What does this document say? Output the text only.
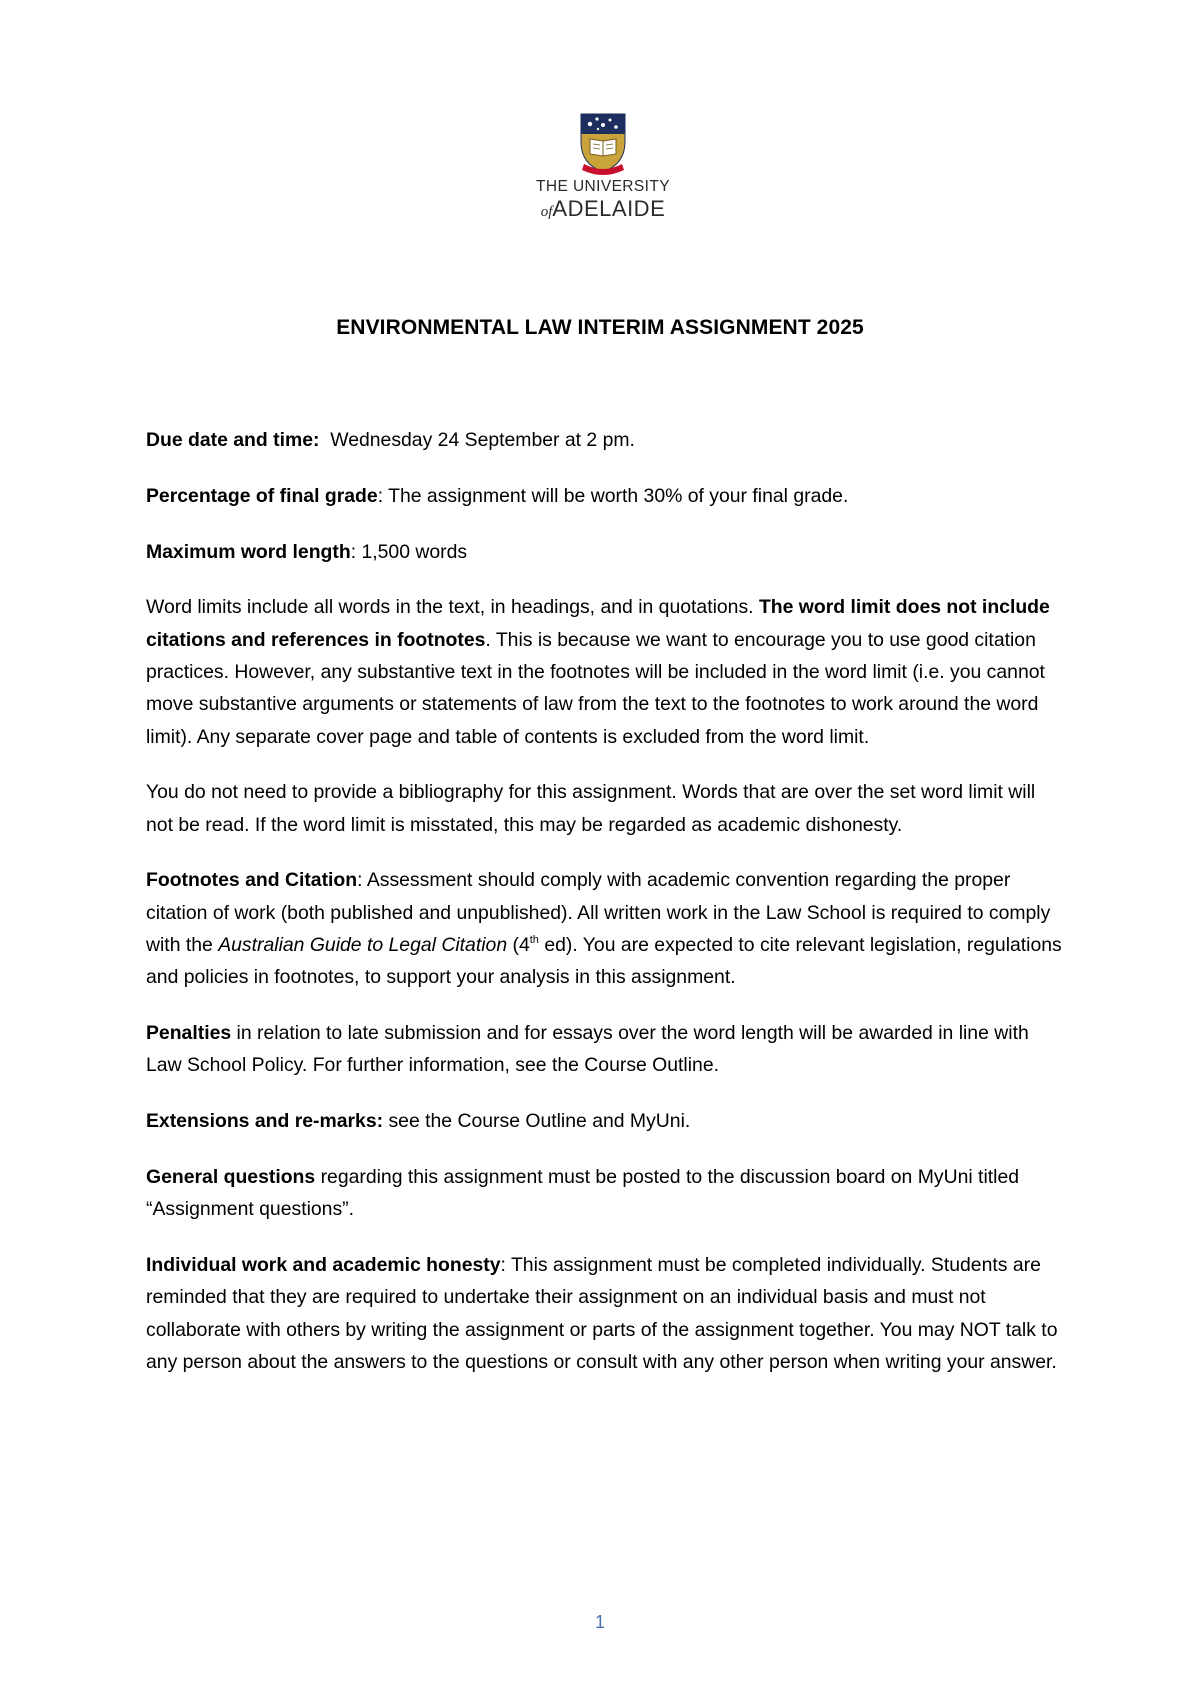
THE UNIVERSITY
ofADELAIDE
ENVIRONMENTAL LAW INTERIM ASSIGNMENT 2025

Due date and time:  Wednesday 24 September at 2 pm.

Percentage of final grade: The assignment will be worth 30% of your final grade.

Maximum word length: 1,500 words

Word limits include all words in the text, in headings, and in quotations. The word limit does not include citations and references in footnotes. This is because we want to encourage you to use good citation practices. However, any substantive text in the footnotes will be included in the word limit (i.e. you cannot move substantive arguments or statements of law from the text to the footnotes to work around the word limit). Any separate cover page and table of contents is excluded from the word limit.

You do not need to provide a bibliography for this assignment. Words that are over the set word limit will not be read. If the word limit is misstated, this may be regarded as academic dishonesty.

Footnotes and Citation: Assessment should comply with academic convention regarding the proper citation of work (both published and unpublished). All written work in the Law School is required to comply with the Australian Guide to Legal Citation (4th ed). You are expected to cite relevant legislation, regulations and policies in footnotes, to support your analysis in this assignment.

Penalties in relation to late submission and for essays over the word length will be awarded in line with Law School Policy. For further information, see the Course Outline.

Extensions and re-marks: see the Course Outline and MyUni.

General questions regarding this assignment must be posted to the discussion board on MyUni titled “Assignment questions”.

Individual work and academic honesty: This assignment must be completed individually. Students are reminded that they are required to undertake their assignment on an individual basis and must not collaborate with others by writing the assignment or parts of the assignment together. You may NOT talk to any person about the answers to the questions or consult with any other person when writing your answer.

1
